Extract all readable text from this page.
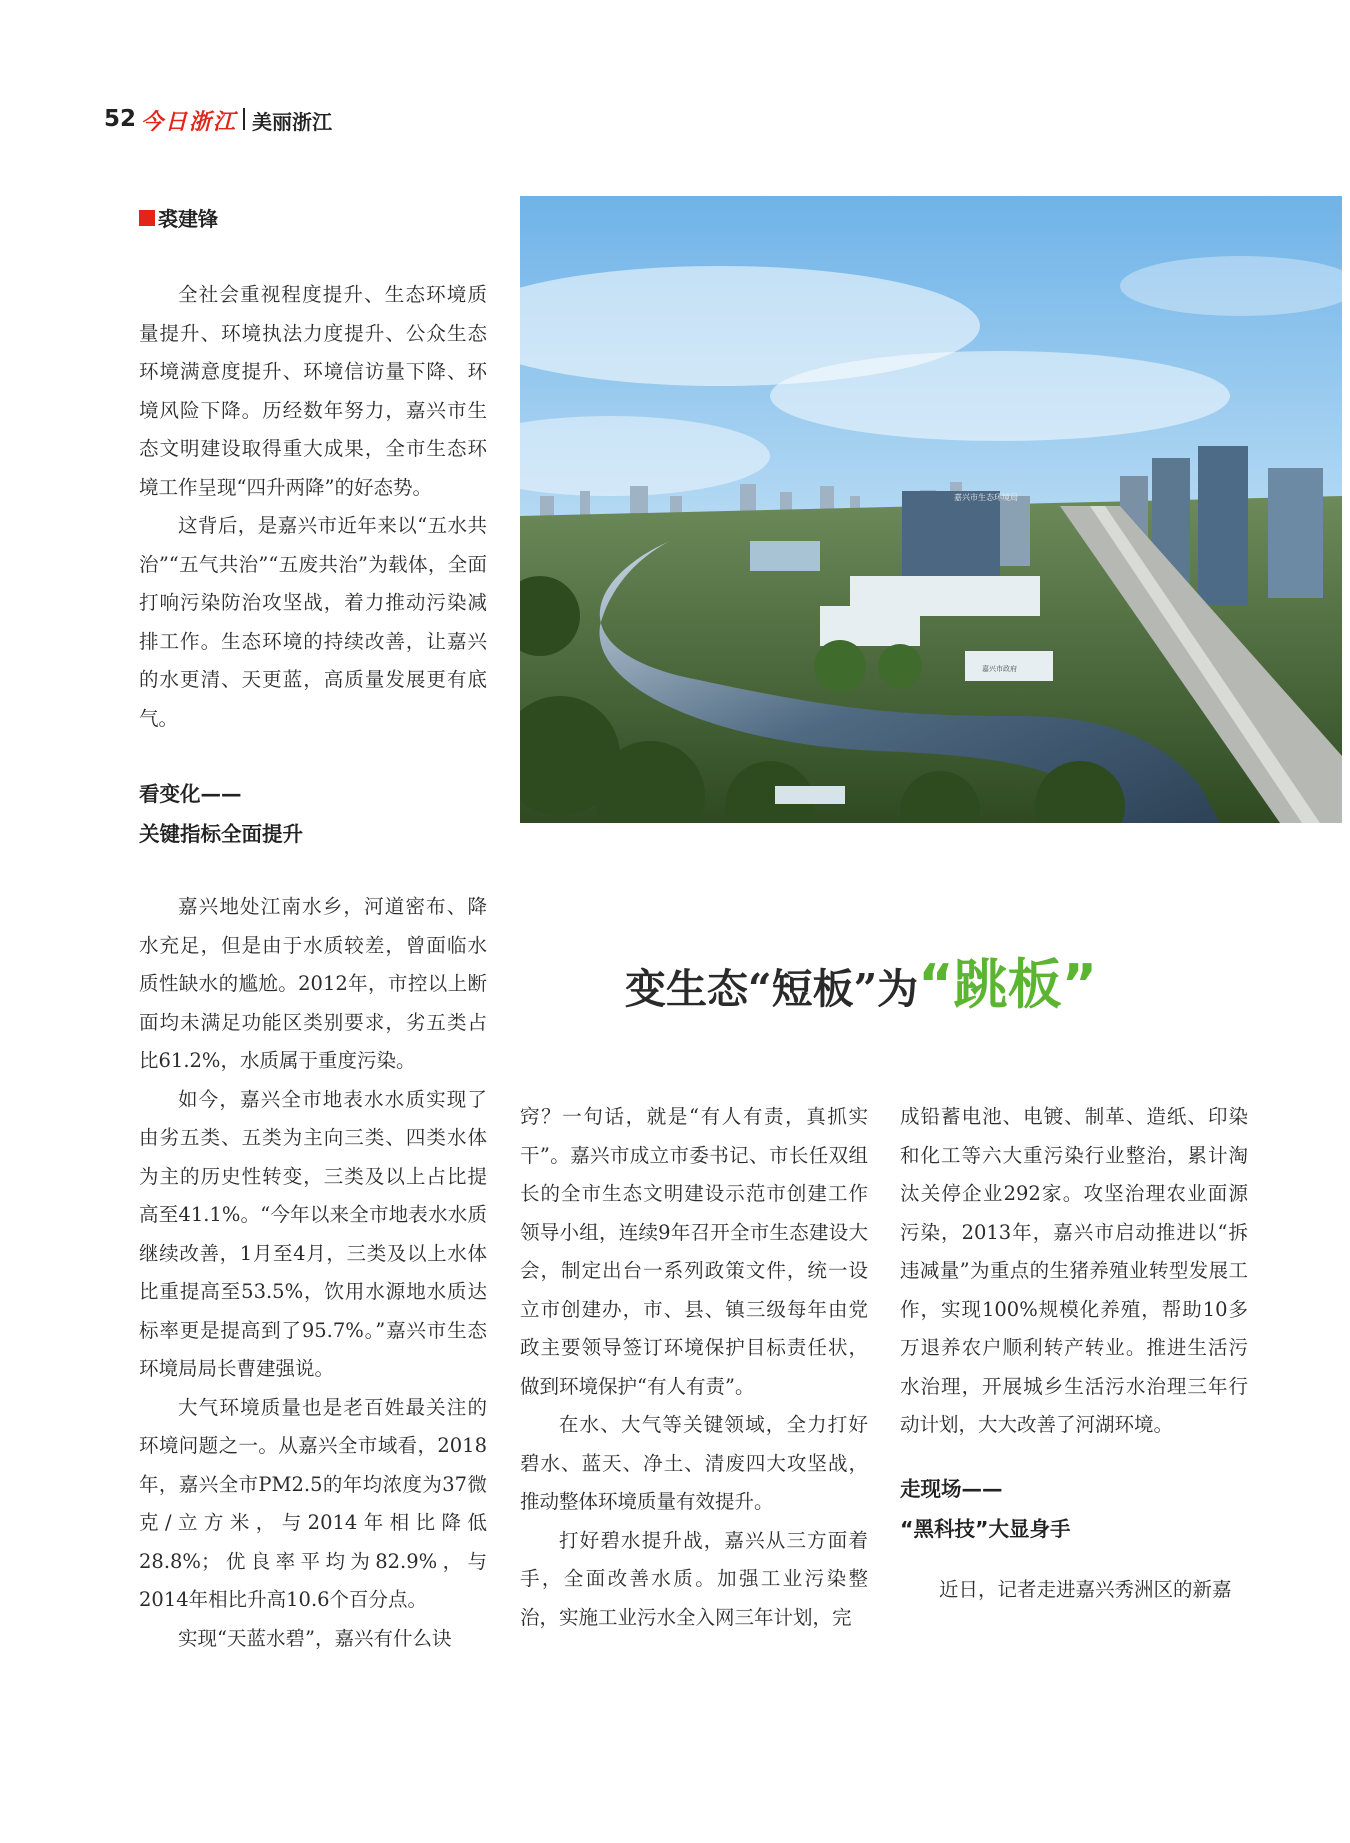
52 今日浙江 美丽浙江
裘建锋

全社会重视程度提升、生态环境质量提升、环境执法力度提升、公众生态环境满意度提升、环境信访量下降、环境风险下降。历经数年努力，嘉兴市生态文明建设取得重大成果，全市生态环境工作呈现“四升两降”的好态势。

这背后，是嘉兴市近年来以“五水共治”“五气共治”“五废共治”为载体，全面打响污染防治攻坚战，着力推动污染减排工作。生态环境的持续改善，让嘉兴的水更清、天更蓝，高质量发展更有底气。

看变化——
关键指标全面提升

嘉兴地处江南水乡，河道密布、降水充足，但是由于水质较差，曾面临水质性缺水的尴尬。2012年，市控以上断面均未满足功能区类别要求，劣五类占比61.2%，水质属于重度污染。

如今，嘉兴全市地表水水质实现了由劣五类、五类为主向三类、四类水体为主的历史性转变，三类及以上占比提高至41.1%。“今年以来全市地表水水质继续改善，1月至4月，三类及以上水体比重提高至53.5%，饮用水源地水质达标率更是提高到了95.7%。”嘉兴市生态环境局局长曹建强说。

大气环境质量也是老百姓最关注的环境问题之一。从嘉兴全市域看，2018年，嘉兴全市PM2.5的年均浓度为37微克/立方米，与2014年相比降低28.8%；优良率平均为82.9%，与2014年相比升高10.6个百分点。

实现“天蓝水碧”，嘉兴有什么诀

嘉兴市生态环境局
嘉兴市政府
变生态“短板”为“跳板”

窍？一句话，就是“有人有责，真抓实干”。嘉兴市成立市委书记、市长任双组长的全市生态文明建设示范市创建工作领导小组，连续9年召开全市生态建设大会，制定出台一系列政策文件，统一设立市创建办，市、县、镇三级每年由党政主要领导签订环境保护目标责任状，做到环境保护“有人有责”。

在水、大气等关键领域，全力打好碧水、蓝天、净土、清废四大攻坚战，推动整体环境质量有效提升。

打好碧水提升战，嘉兴从三方面着手，全面改善水质。加强工业污染整治，实施工业污水全入网三年计划，完

成铅蓄电池、电镀、制革、造纸、印染和化工等六大重污染行业整治，累计淘汰关停企业292家。攻坚治理农业面源污染，2013年，嘉兴市启动推进以“拆违减量”为重点的生猪养殖业转型发展工作，实现100%规模化养殖，帮助10多万退养农户顺利转产转业。推进生活污水治理，开展城乡生活污水治理三年行动计划，大大改善了河湖环境。

走现场——
“黑科技”大显身手

近日，记者走进嘉兴秀洲区的新嘉
